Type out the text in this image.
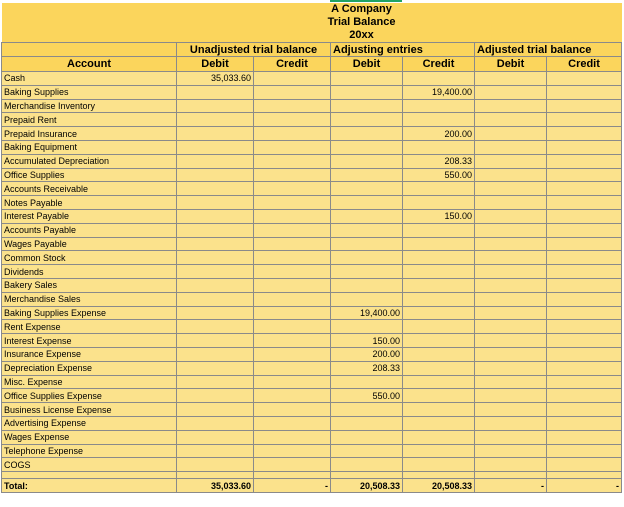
	A Company					
	Trial Balance					
	20xx					
	Unadjusted trial balance		Adjusting entries		Adjusted trial balance	
Account	Debit	Credit	Debit	Credit	Debit	Credit
Cash	35,033.60					
Baking Supplies				19,400.00		
Merchandise Inventory						
Prepaid Rent						
Prepaid Insurance				200.00		
Baking Equipment						
Accumulated Depreciation				208.33		
Office Supplies				550.00		
Accounts Receivable						
Notes Payable						
Interest Payable				150.00		
Accounts Payable						
Wages Payable						
Common Stock						
Dividends						
Bakery Sales						
Merchandise Sales						
Baking Supplies Expense			19,400.00			
Rent Expense						
Interest Expense			150.00			
Insurance Expense			200.00			
Depreciation Expense			208.33			
Misc. Expense						
Office Supplies Expense			550.00			
Business License Expense						
Advertising Expense						
Wages Expense						
Telephone Expense						
COGS						

Total:	35,033.60	-	20,508.33	20,508.33	-	-
